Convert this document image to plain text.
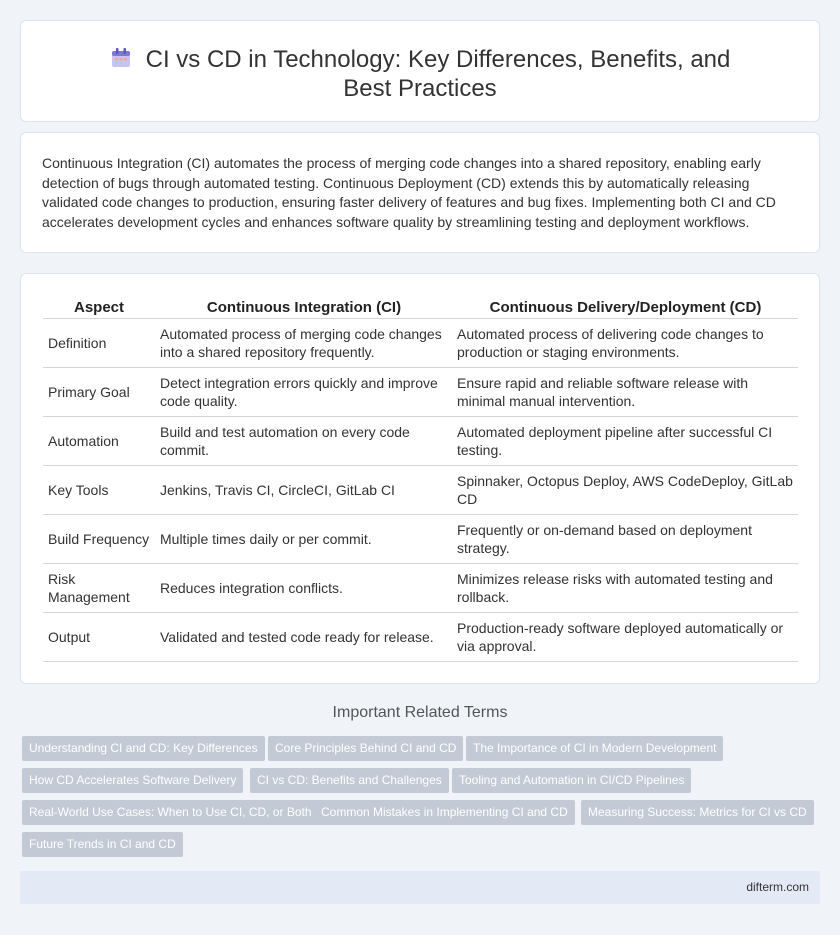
CI vs CD in Technology: Key Differences, Benefits, and Best Practices

Continuous Integration (CI) automates the process of merging code changes into a shared repository, enabling early detection of bugs through automated testing. Continuous Deployment (CD) extends this by automatically releasing validated code changes to production, ensuring faster delivery of features and bug fixes. Implementing both CI and CD accelerates development cycles and enhances software quality by streamlining testing and deployment workflows.

Aspect	Continuous Integration (CI)	Continuous Delivery/Deployment (CD)
Definition	Automated process of merging code changes into a shared repository frequently.	Automated process of delivering code changes to production or staging environments.
Primary Goal	Detect integration errors quickly and improve code quality.	Ensure rapid and reliable software release with minimal manual intervention.
Automation	Build and test automation on every code commit.	Automated deployment pipeline after successful CI testing.
Key Tools	Jenkins, Travis CI, CircleCI, GitLab CI	Spinnaker, Octopus Deploy, AWS CodeDeploy, GitLab CD
Build Frequency	Multiple times daily or per commit.	Frequently or on-demand based on deployment strategy.
Risk Management	Reduces integration conflicts.	Minimizes release risks with automated testing and rollback.
Output	Validated and tested code ready for release.	Production-ready software deployed automatically or via approval.
Important Related Terms
Understanding CI and CD: Key Differences	Core Principles Behind CI and CD	The Importance of CI in Modern Development
How CD Accelerates Software Delivery	CI vs CD: Benefits and Challenges	Tooling and Automation in CI/CD Pipelines
Real-World Use Cases: When to Use CI, CD, or Both Common Mistakes in Implementing CI and CD	Measuring Success: Metrics for CI vs CD
Future Trends in CI and CD
difterm.com
